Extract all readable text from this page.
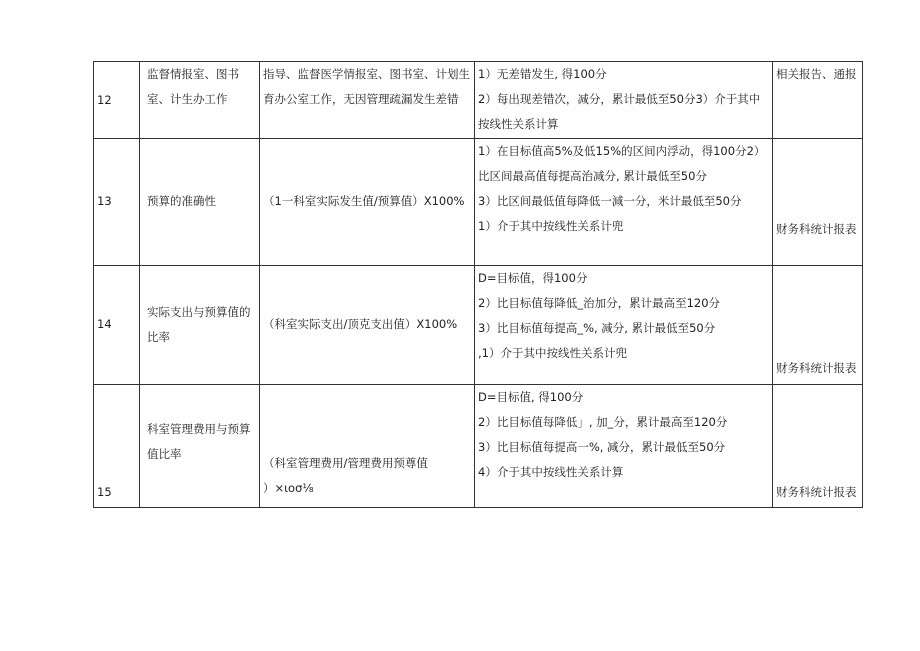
12	监督情报室、图书室、计生办工作	指导、监督医学情报室、图书室、计划生育办公室工作，无因管理疏漏发生差错	1）无差错发生, 得100分
2）每出现差错次，减分，累计最低至50分3）介于其中
按线性关系计算	相关报告、通报

13	预算的准确性	（1一科室实际发生值/预算值）X100%	1）在目标值高5%及低15%的区间内浮动，得100分2）
比区间最高值每提高治减分, 累计最低至50分
3）比区间最低值每降低一減一分，米计最低至50分
1）介于其中按线性关系计兜	财务科统计报表

14	实际支出与预算值的比率	（科室实际支出/顶克支出值）X100%	D=目标值，得100分
2）比目标值每降低_治加分，累计最高至120分
3）比目标值每提高_%, 减分, 累计最低至50分
,1）介于其中按线性关系计兜	财务科统计报表

15	科室管理费用与预算值比率	（科室管理费用/管理费用预尊值
）×ιoσ⅛	D=目标值, 得100分
2）比目标值每降低」, 加_分，累计最高至120分
3）比目标值每提高一%, 减分，累计最低至50分
4）介于其中按线性关系计算	财务科统计报表
